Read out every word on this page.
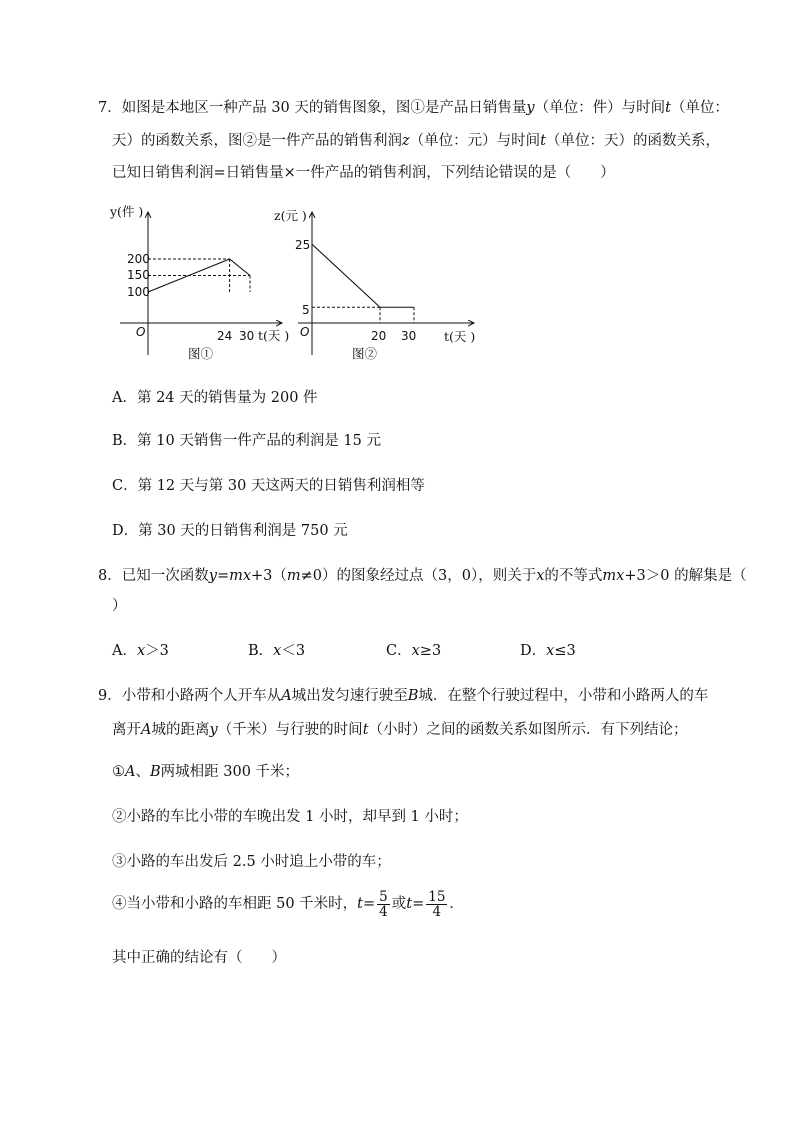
7．如图是本地区一种产品 30 天的销售图象，图①是产品日销售量y（单位：件）与时间t（单位：
天）的函数关系，图②是一件产品的销售利润z（单位：元）与时间t（单位：天）的函数关系，
已知日销售利润=日销售量×一件产品的销售利润，下列结论错误的是（　　）
y(件 )
t(天 )
O
200
150
100
24 30
图①
z(元 )
t(天 )
O
25
5
20 30
图②
A．第 24 天的销售量为 200 件
B．第 10 天销售一件产品的利润是 15 元
C．第 12 天与第 30 天这两天的日销售利润相等
D．第 30 天的日销售利润是 750 元
8．已知一次函数y=mx+3（m≠0）的图象经过点（3，0），则关于x的不等式mx+3＞0 的解集是（
）
A．x＞3	B．x＜3	C．x≥3	D．x≤3
9．小带和小路两个人开车从A城出发匀速行驶至B城．在整个行驶过程中，小带和小路两人的车
离开A城的距离y（千米）与行驶的时间t（小时）之间的函数关系如图所示．有下列结论；
①A、B两城相距 300 千米；
②小路的车比小带的车晚出发 1 小时，却早到 1 小时；
③小路的车出发后 2.5 小时追上小带的车；
④当小带和小路的车相距 50 千米时，$t= \frac{5}{4}$ 或$t= \frac{15}{4}$ ．
其中正确的结论有（　　）
